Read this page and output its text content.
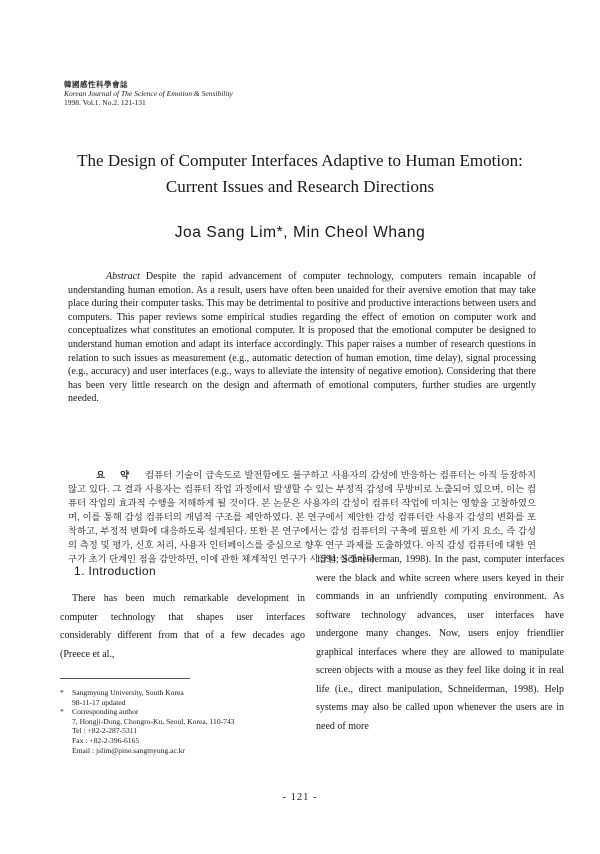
韓國感性科學會誌
Korean Journal of The Science of Emotion & Sensibility
1998. Vol.1. No.2. 121-131
The Design of Computer Interfaces Adaptive to Human Emotion:
Current Issues and Research Directions
Joa Sang Lim*, Min Cheol Whang
Abstract Despite the rapid advancement of computer technology, computers remain incapable of understanding human emotion. As a result, users have often been unaided for their aversive emotion that may take place during their computer tasks. This may be detrimental to positive and productive interactions between users and computers. This paper reviews some empirical studies regarding the effect of emotion on computer work and conceptualizes what constitutes an emotional computer. It is proposed that the emotional computer be designed to understand human emotion and adapt its interface accordingly. This paper raises a number of research questions in relation to such issues as measurement (e.g., automatic detection of human emotion, time delay), signal processing (e.g., accuracy) and user interfaces (e.g., ways to alleviate the intensity of negative emotion). Considering that there has been very little research on the design and aftermath of emotional computers, further studies are urgently needed.
요 약 컴퓨터 기술이 급속도로 발전함에도 불구하고 사용자의 감성에 반응하는 컴퓨터는 아직 등장하지 않고 있다. 그 결과 사용자는 컴퓨터 작업 과정에서 발생할 수 있는 부정적 감성에 무방비로 노출되어 있으며, 이는 컴퓨터 작업의 효과적 수행을 저해하게 될 것이다. 본 논문은 사용자의 감성이 컴퓨터 작업에 미치는 영향을 고찰하였으며, 이를 통해 감성 컴퓨터의 개념적 구조를 제안하였다. 본 연구에서 제안한 감성 컴퓨터란 사용자 감성의 변화를 포착하고, 부정적 변화에 대응하도록 설계된다. 또한 본 연구에서는 감성 컴퓨터의 구축에 필요한 세 가지 요소, 즉 감성의 측정 및 평가, 신호 처리, 사용자 인터페이스를 중심으로 향후 연구 과제를 도출하였다. 아직 감성 컴퓨터에 대한 연구가 초기 단계인 점을 감안하면, 이에 관한 체계적인 연구가 시급한 실정이다.
1. Introduction
There has been much remarkable development in computer technology that shapes user interfaces considerably different from that of a few decades ago (Preece et al.,
* Sangmyung University, South Korea
98-11-17 updated
* Corresponding author
7, Hongji-Dong, Chongro-Ku, Seoul, Korea, 110-743
Tel : +82-2-287-5311
Fax : +82-2-396-6165
Email : jslim@pine.sangmyung.ac.kr
1994; Schneiderman, 1998). In the past, computer interfaces were the black and white screen where users keyed in their commands in an unfriendly computing environment. As software technology advances, user interfaces have undergone many changes. Now, users enjoy friendlier graphical interfaces where they are allowed to manipulate screen objects with a mouse as they feel like doing it in real life (i.e., direct manipulation, Schneiderman, 1998). Help systems may also be called upon whenever the users are in need of more
- 121 -
